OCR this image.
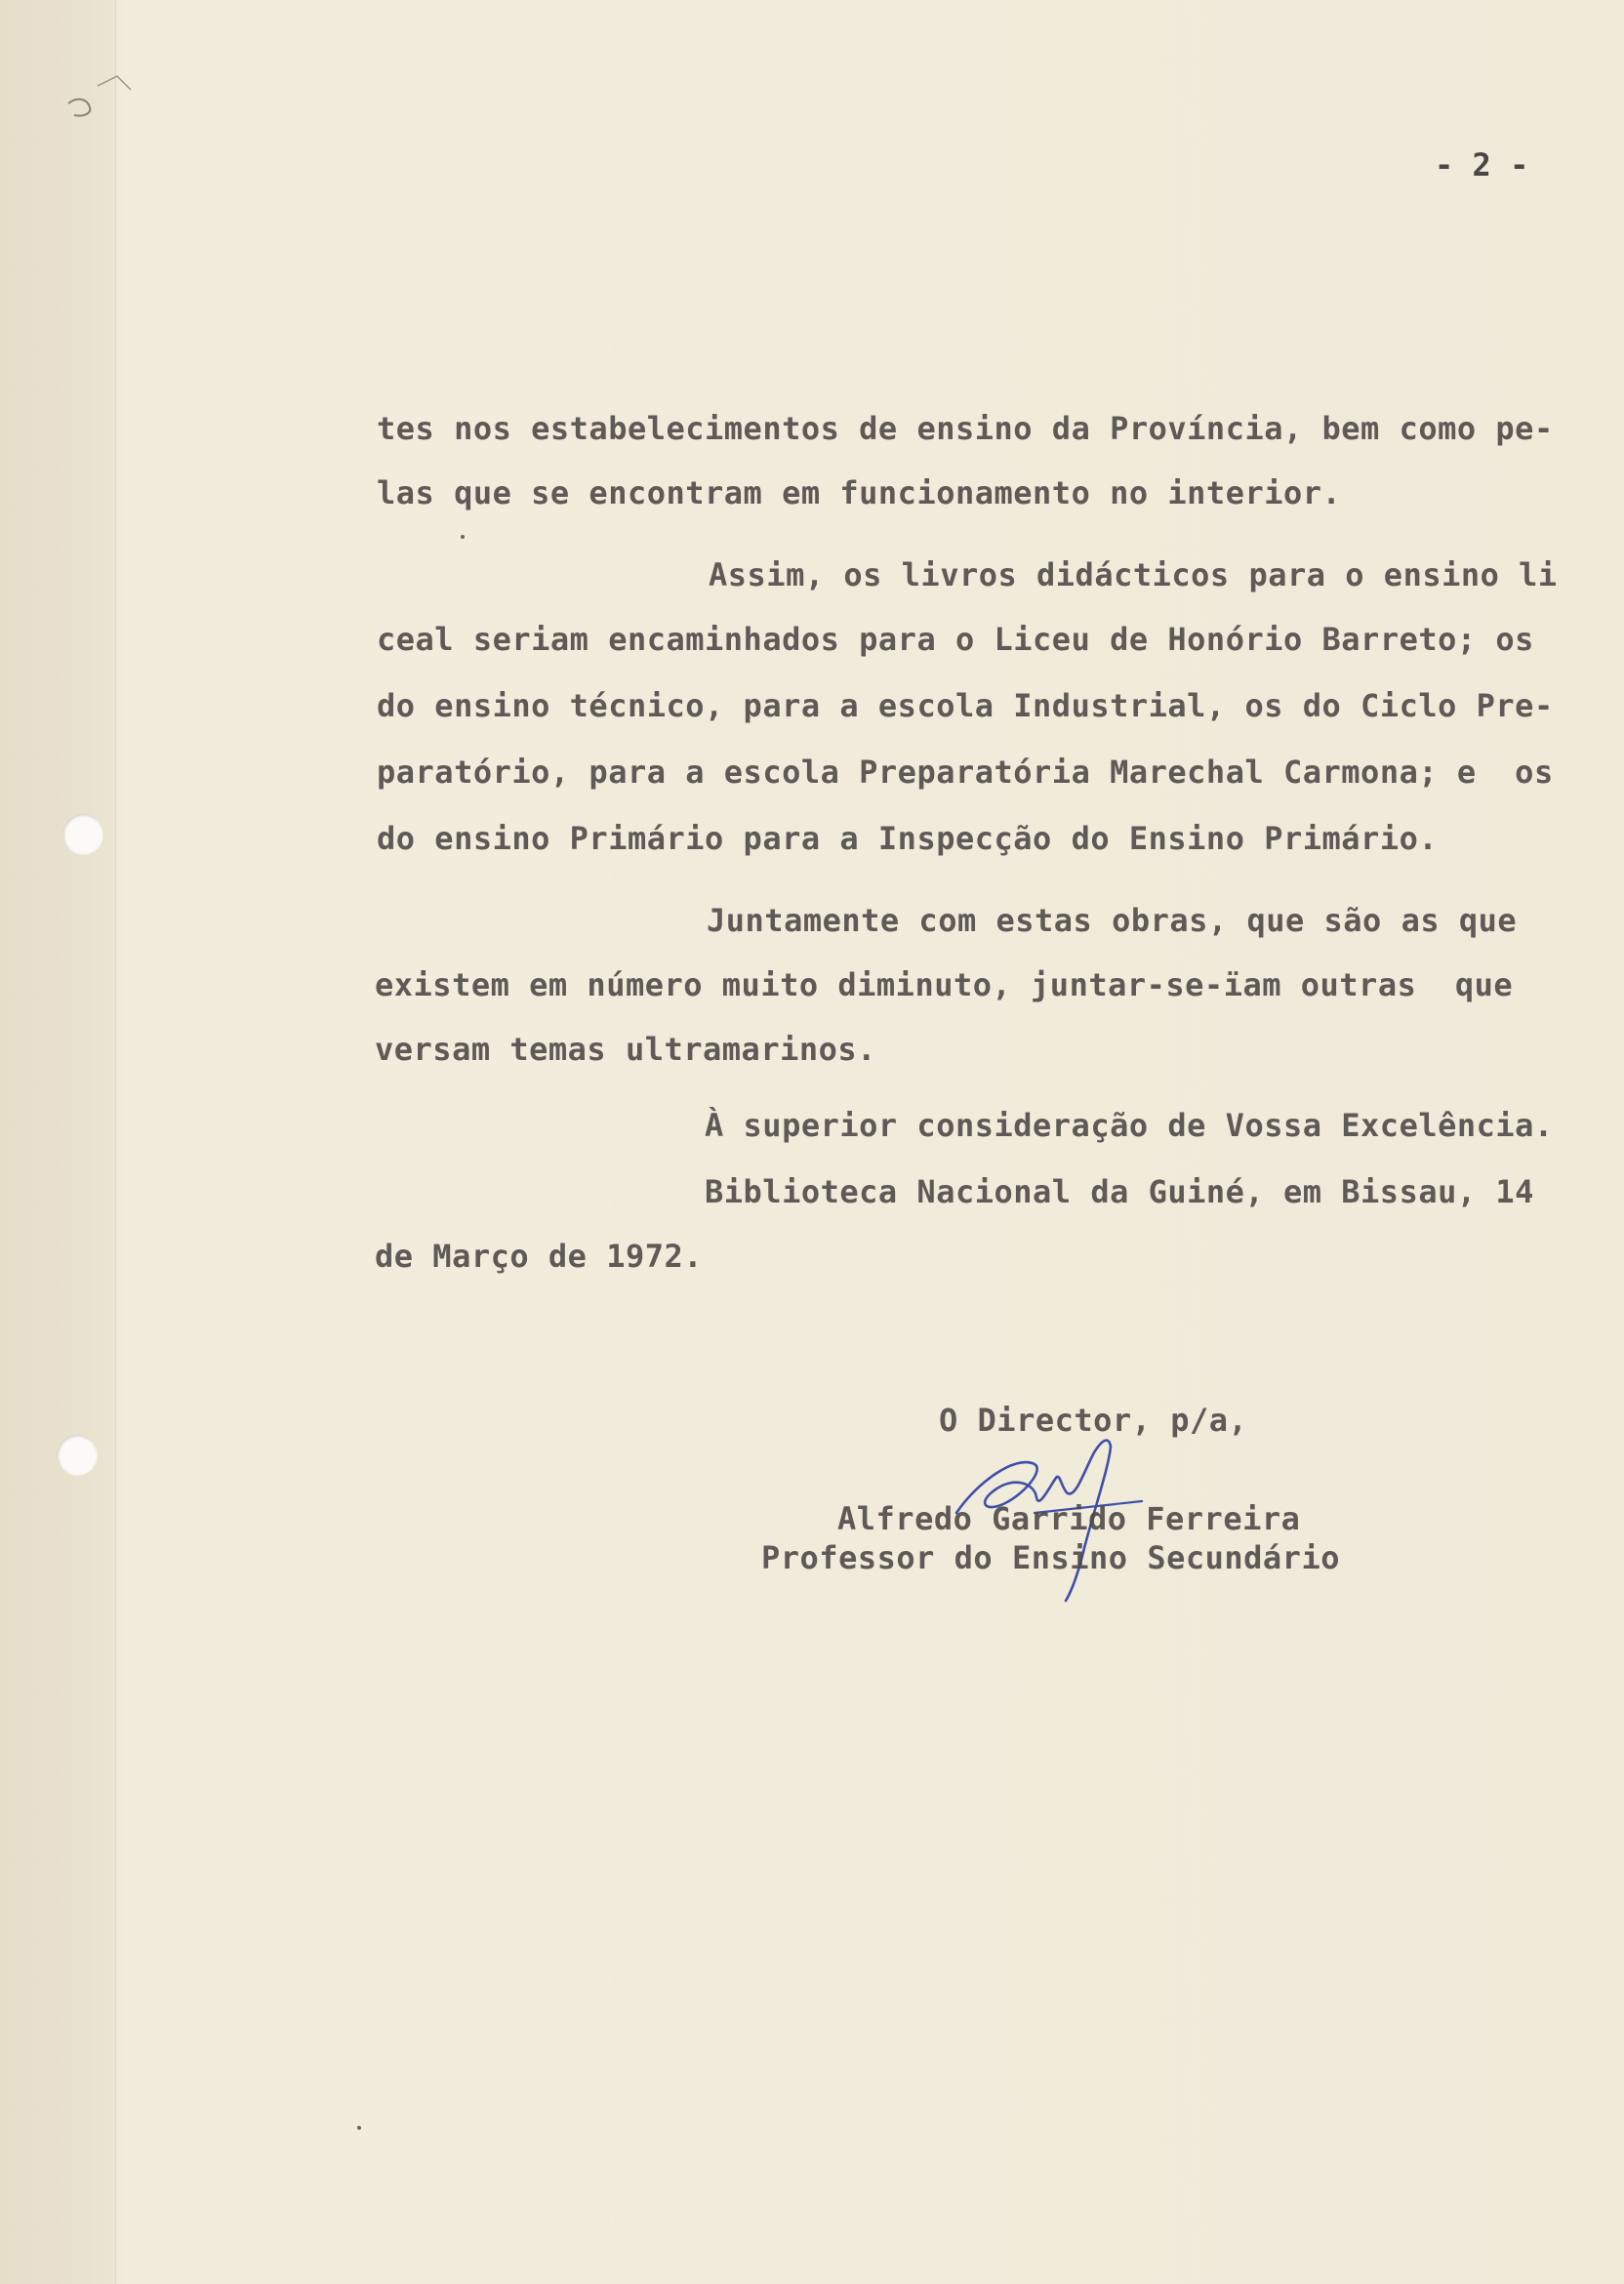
- 2 -
tes nos estabelecimentos de ensino da Província, bem como pe-
las que se encontram em funcionamento no interior.
Assim, os livros didácticos para o ensino li
ceal seriam encaminhados para o Liceu de Honório Barreto; os
do ensino técnico, para a escola Industrial, os do Ciclo Pre-
paratório, para a escola Preparatória Marechal Carmona; e  os
do ensino Primário para a Inspecção do Ensino Primário.
Juntamente com estas obras, que são as que
existem em número muito diminuto, juntar-se-ïam outras  que
versam temas ultramarinos.
À superior consideração de Vossa Excelência.
Biblioteca Nacional da Guiné, em Bissau, 14
de Março de 1972.
O Director, p/a,
Alfredo Garrido Ferreira
Professor do Ensino Secundário
